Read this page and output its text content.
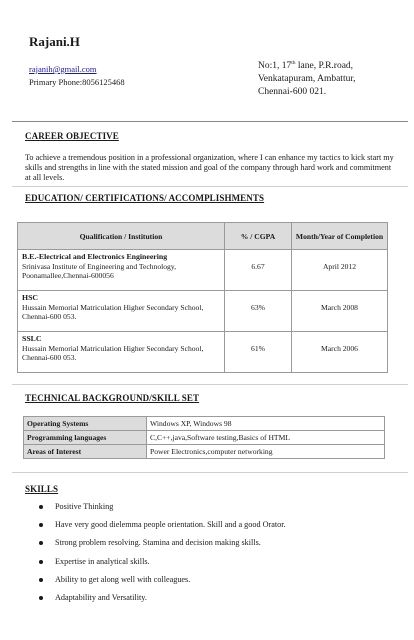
Rajani.H
rajanih@gmail.com
Primary Phone:8056125468
No:1, 17th lane, P.R.road,
Venkatapuram, Ambattur,
Chennai-600 021.
CAREER OBJECTIVE
To achieve a tremendous position in a professional organization, where I can enhance my tactics to kick start my skills and strengths in line with the stated mission and goal of the company through hard work and commitment at all levels.
EDUCATION/ CERTIFICATIONS/ ACCOMPLISHMENTS
Qualification / Institution	% / CGPA	Month/Year of Completion

B.E.-Electrical and Electronics Engineering
Srinivasa Institute of Engineering and Technology, Poonamallee,Chennai-600056	6.67	April 2012

HSC
Hussain Memorial Matriculation Higher Secondary School, Chennai-600 053.	63%	March 2008

SSLC
Hussain Memorial Matriculation Higher Secondary School, Chennai-600 053.	61%	March 2006
TECHNICAL BACKGROUND/SKILL SET
Operating Systems	Windows XP, Windows 98
Programming languages	C,C++,java,Software testing,Basics of HTML
Areas of Interest	Power Electronics,computer networking
SKILLS
Positive Thinking
Have very good dielemma people orientation. Skill and a good Orator.
Strong problem resolving. Stamina and decision making skills.
Expertise in analytical skills.
Ability to get along well with colleagues.
Adaptability and Versatility.
